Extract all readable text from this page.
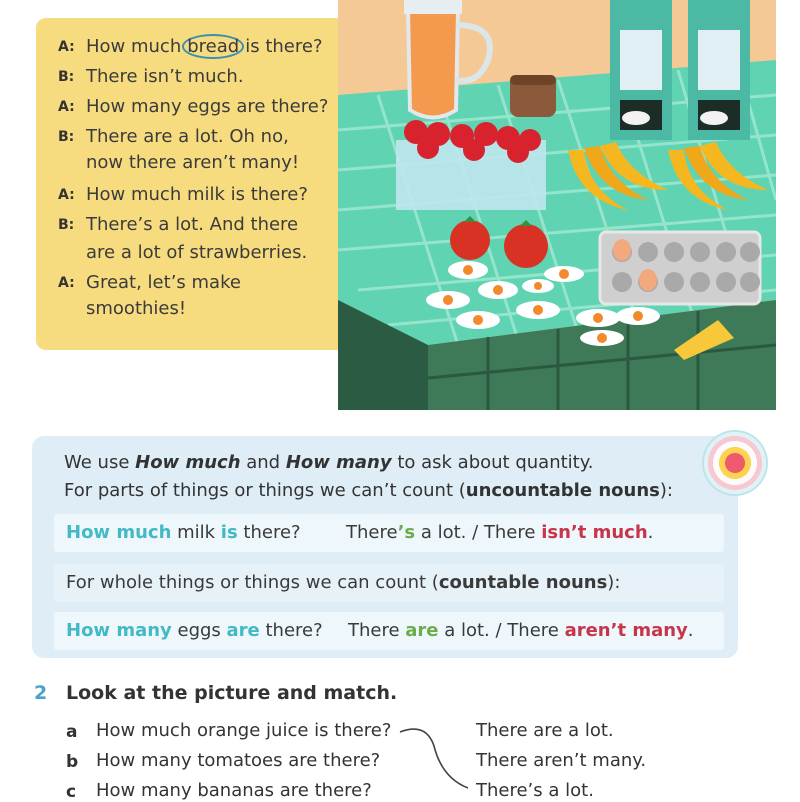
A: How much bread is there?
B: There isn’t much.
A: How many eggs are there?
B: There are a lot. Oh no,
now there aren’t many!
A: How much milk is there?
B: There’s a lot. And there
are a lot of strawberries.
A: Great, let’s make
smoothies!
We use How much and How many to ask about quantity.
For parts of things or things we can’t count (uncountable nouns):
How much milk is there?	There’s a lot. / There isn’t much.
For whole things or things we can count (countable nouns):
How many eggs are there? There are a lot. / There aren’t many.
2 Look at the picture and match.
a How much orange juice is there?
b How many tomatoes are there?
c How many bananas are there?
There are a lot.
There aren’t many.
There’s a lot.
